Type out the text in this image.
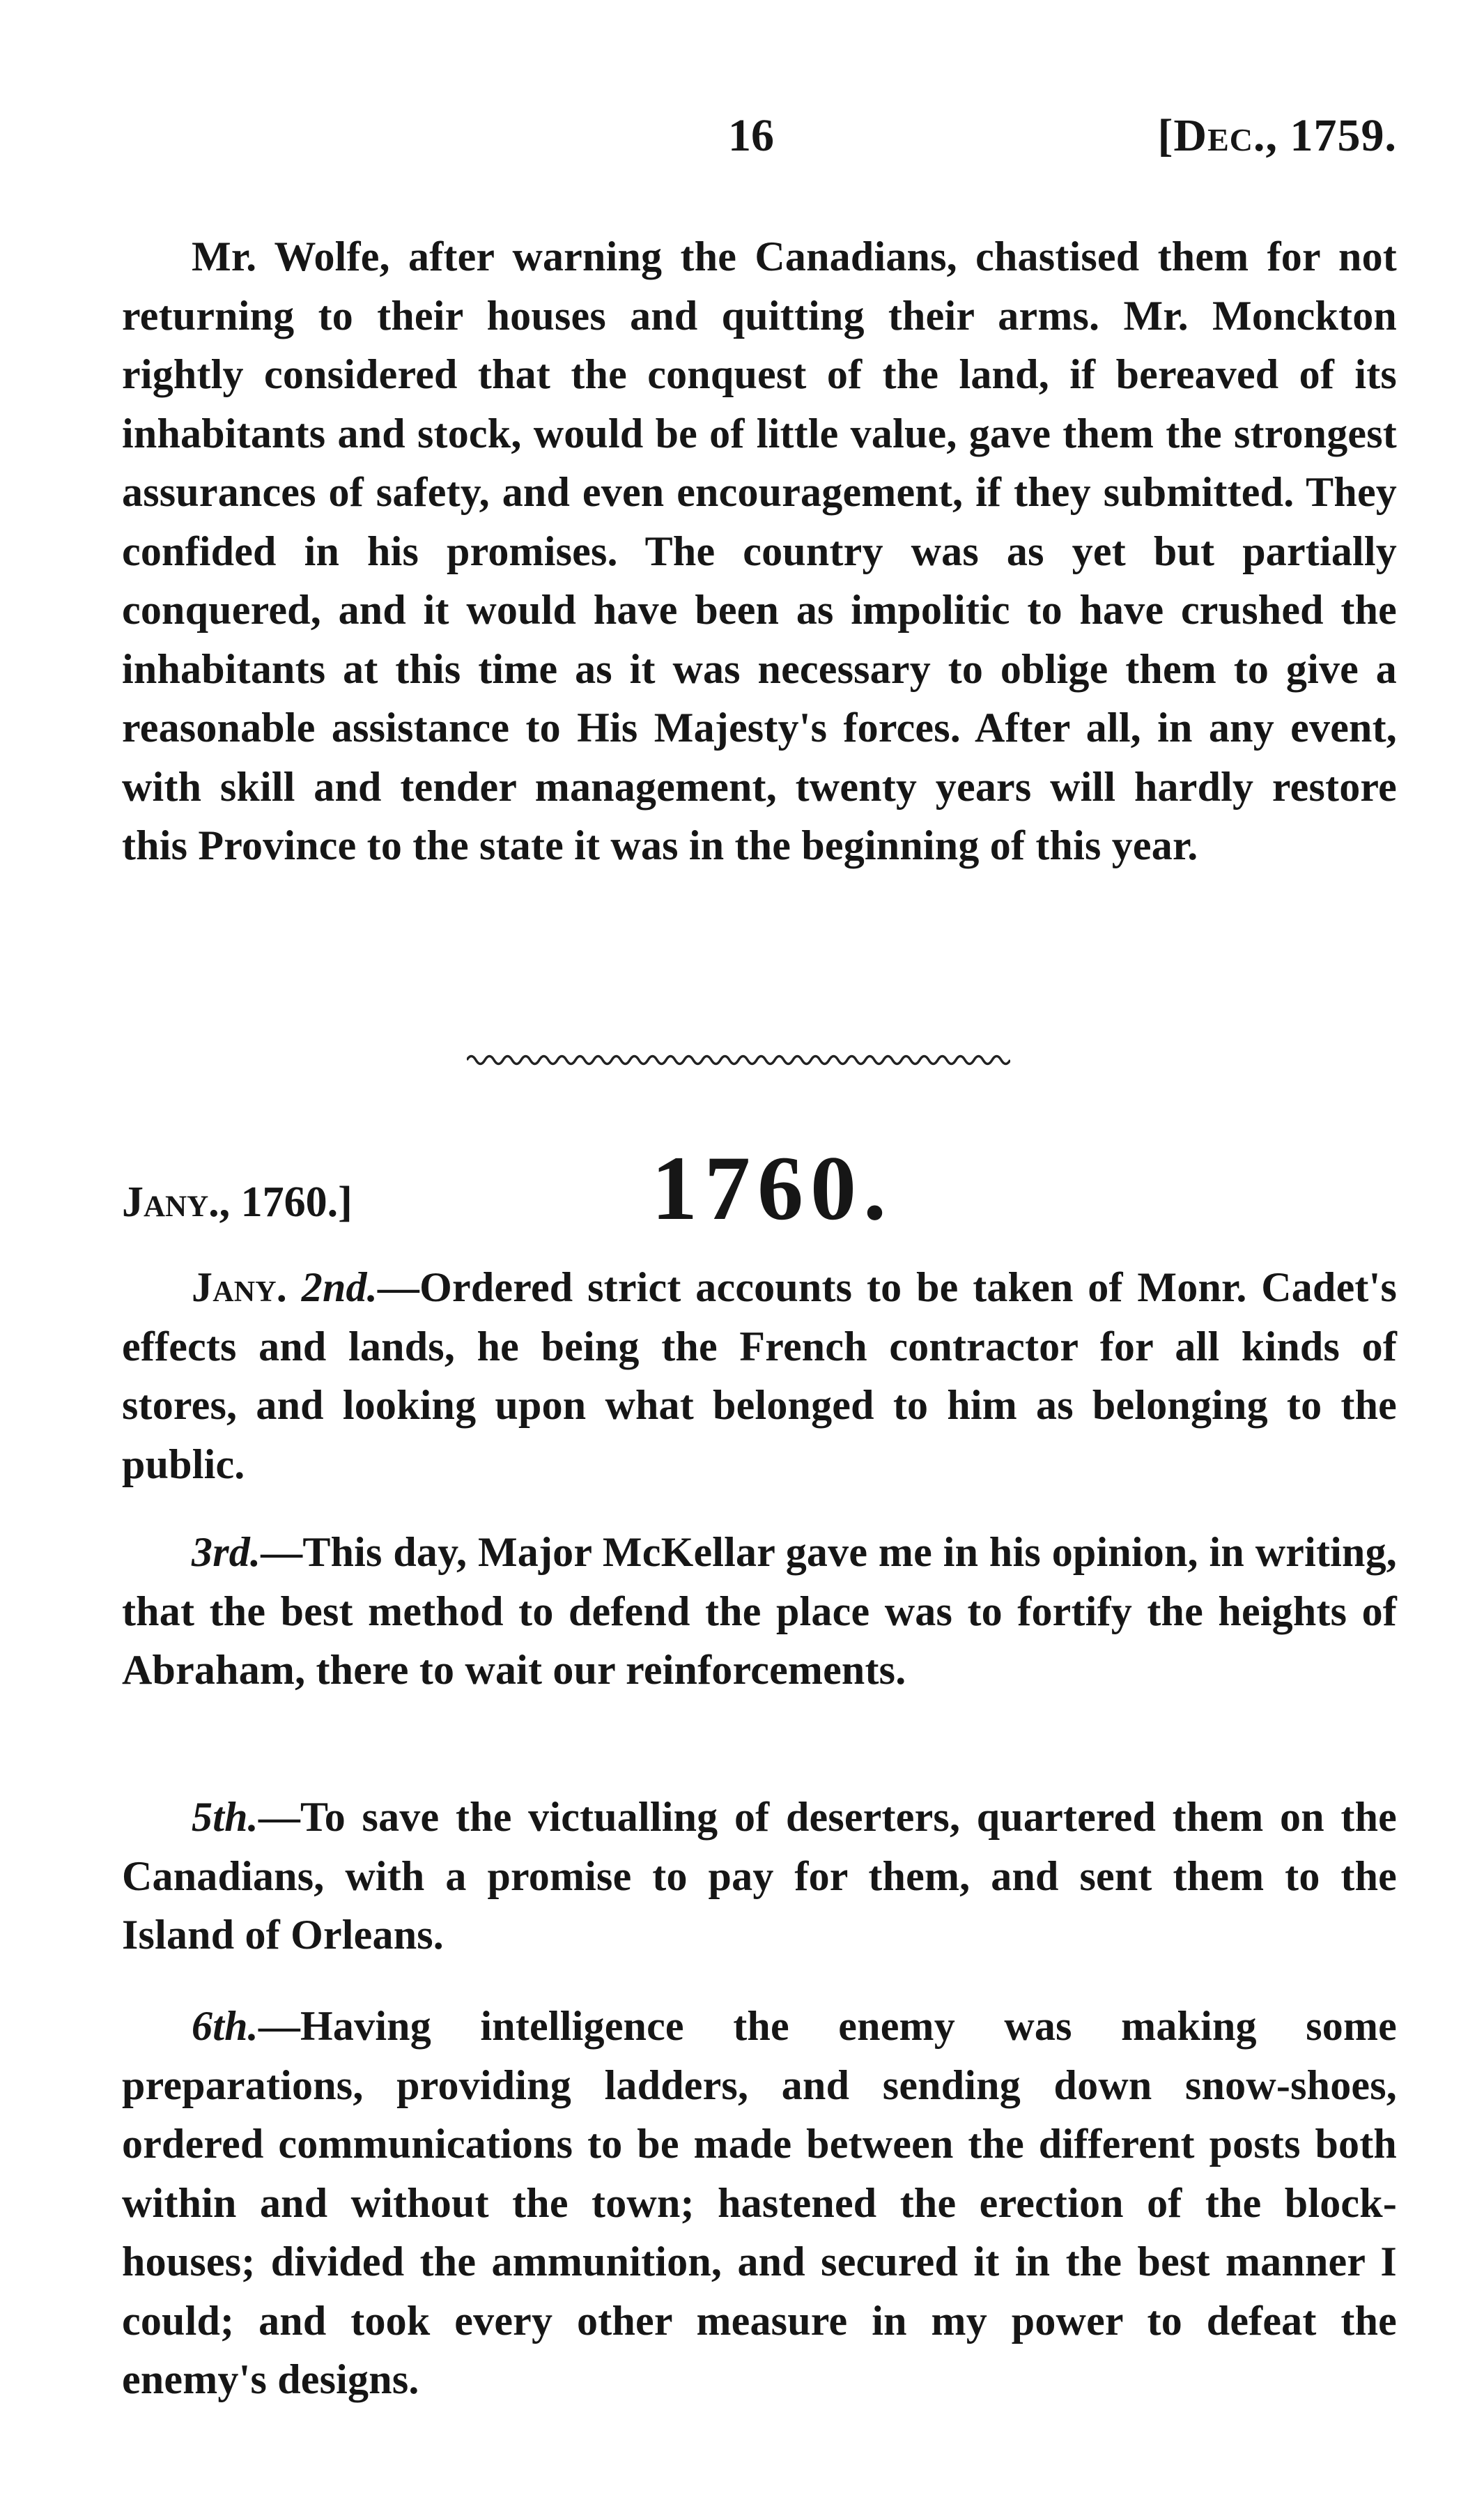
16	[Dec., 1759.

Mr. Wolfe, after warning the Canadians, chastised them for not returning to their houses and quitting their arms. Mr. Monckton rightly considered that the conquest of the land, if bereaved of its inhabitants and stock, would be of little value, gave them the strongest assurances of safety, and even encouragement, if they submitted. They confided in his promises. The country was as yet but partially conquered, and it would have been as impolitic to have crushed the inhabitants at this time as it was necessary to oblige them to give a reasonable assistance to His Majesty's forces. After all, in any event, with skill and tender management, twenty years will hardly restore this Province to the state it was in the beginning of this year.

Jany., 1760.]	1760.

Jany. 2nd.—Ordered strict accounts to be taken of Monr. Cadet's effects and lands, he being the French contractor for all kinds of stores, and looking upon what belonged to him as belonging to the public.

3rd.—This day, Major McKellar gave me in his opinion, in writing, that the best method to defend the place was to fortify the heights of Abraham, there to wait our reinforcements.

5th.—To save the victualling of deserters, quartered them on the Canadians, with a promise to pay for them, and sent them to the Island of Orleans.

6th.—Having intelligence the enemy was making some preparations, providing ladders, and sending down snow-shoes, ordered communications to be made between the different posts both within and without the town; hastened the erection of the block-houses; divided the ammunition, and secured it in the best manner I could; and took every other measure in my power to defeat the enemy's designs.
